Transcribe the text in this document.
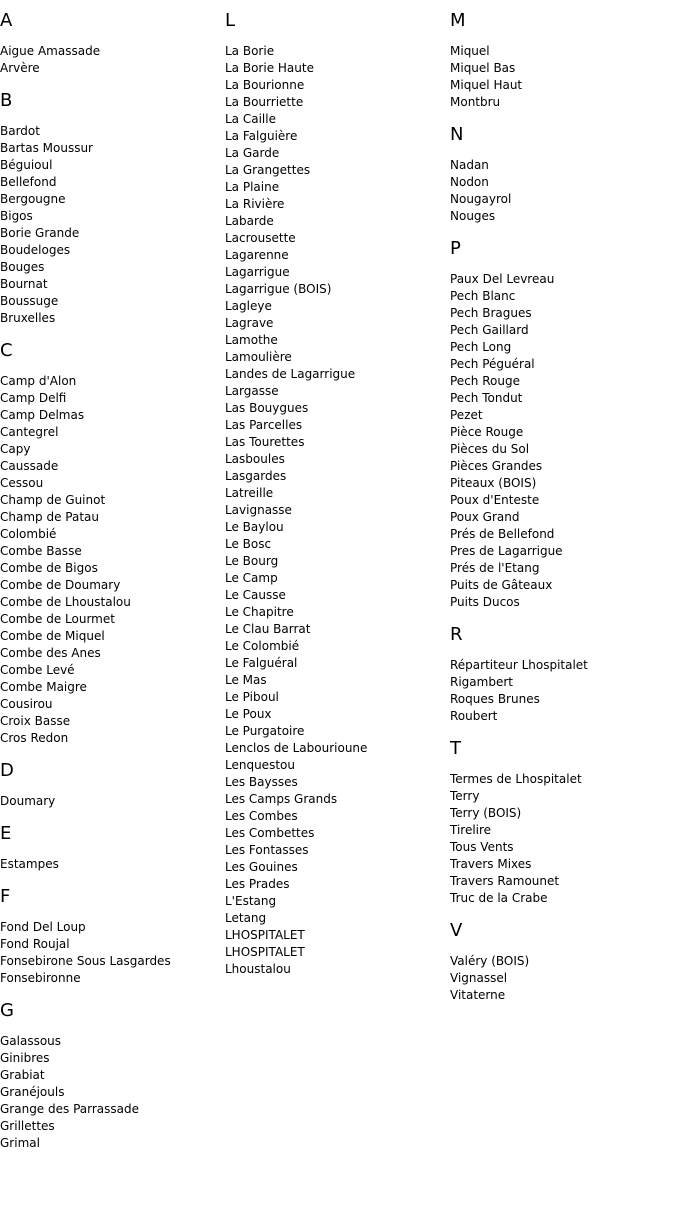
A
Aigue Amassade
Arvère
B
Bardot
Bartas Moussur
Béguioul
Bellefond
Bergougne
Bigos
Borie Grande
Boudeloges
Bouges
Bournat
Boussuge
Bruxelles
C
Camp d'Alon
Camp Delfi
Camp Delmas
Cantegrel
Capy
Caussade
Cessou
Champ de Guinot
Champ de Patau
Colombié
Combe Basse
Combe de Bigos
Combe de Doumary
Combe de Lhoustalou
Combe de Lourmet
Combe de Miquel
Combe des Anes
Combe Levé
Combe Maigre
Cousirou
Croix Basse
Cros Redon
D
Doumary
E
Estampes
F
Fond Del Loup
Fond Roujal
Fonsebirone Sous Lasgardes
Fonsebironne
G
Galassous
Ginibres
Grabiat
Granéjouls
Grange des Parrassade
Grillettes
Grimal
L
La Borie
La Borie Haute
La Bourionne
La Bourriette
La Caille
La Falguière
La Garde
La Grangettes
La Plaine
La Rivière
Labarde
Lacrousette
Lagarenne
Lagarrigue
Lagarrigue (BOIS)
Lagleye
Lagrave
Lamothe
Lamoulière
Landes de Lagarrigue
Largasse
Las Bouygues
Las Parcelles
Las Tourettes
Lasboules
Lasgardes
Latreille
Lavignasse
Le Baylou
Le Bosc
Le Bourg
Le Camp
Le Causse
Le Chapitre
Le Clau Barrat
Le Colombié
Le Falguéral
Le Mas
Le Piboul
Le Poux
Le Purgatoire
Lenclos de Labourioune
Lenquestou
Les Baysses
Les Camps Grands
Les Combes
Les Combettes
Les Fontasses
Les Gouines
Les Prades
L'Estang
Letang
LHOSPITALET
LHOSPITALET
Lhoustalou
M
Miquel
Miquel Bas
Miquel Haut
Montbru
N
Nadan
Nodon
Nougayrol
Nouges
P
Paux Del Levreau
Pech Blanc
Pech Bragues
Pech Gaillard
Pech Long
Pech Péguéral
Pech Rouge
Pech Tondut
Pezet
Pièce Rouge
Pièces du Sol
Pièces Grandes
Piteaux (BOIS)
Poux d'Enteste
Poux Grand
Prés de Bellefond
Pres de Lagarrigue
Prés de l'Etang
Puits de Gâteaux
Puits Ducos
R
Répartiteur Lhospitalet
Rigambert
Roques Brunes
Roubert
T
Termes de Lhospitalet
Terry
Terry (BOIS)
Tirelire
Tous Vents
Travers Mixes
Travers Ramounet
Truc de la Crabe
V
Valéry (BOIS)
Vignassel
Vitaterne
